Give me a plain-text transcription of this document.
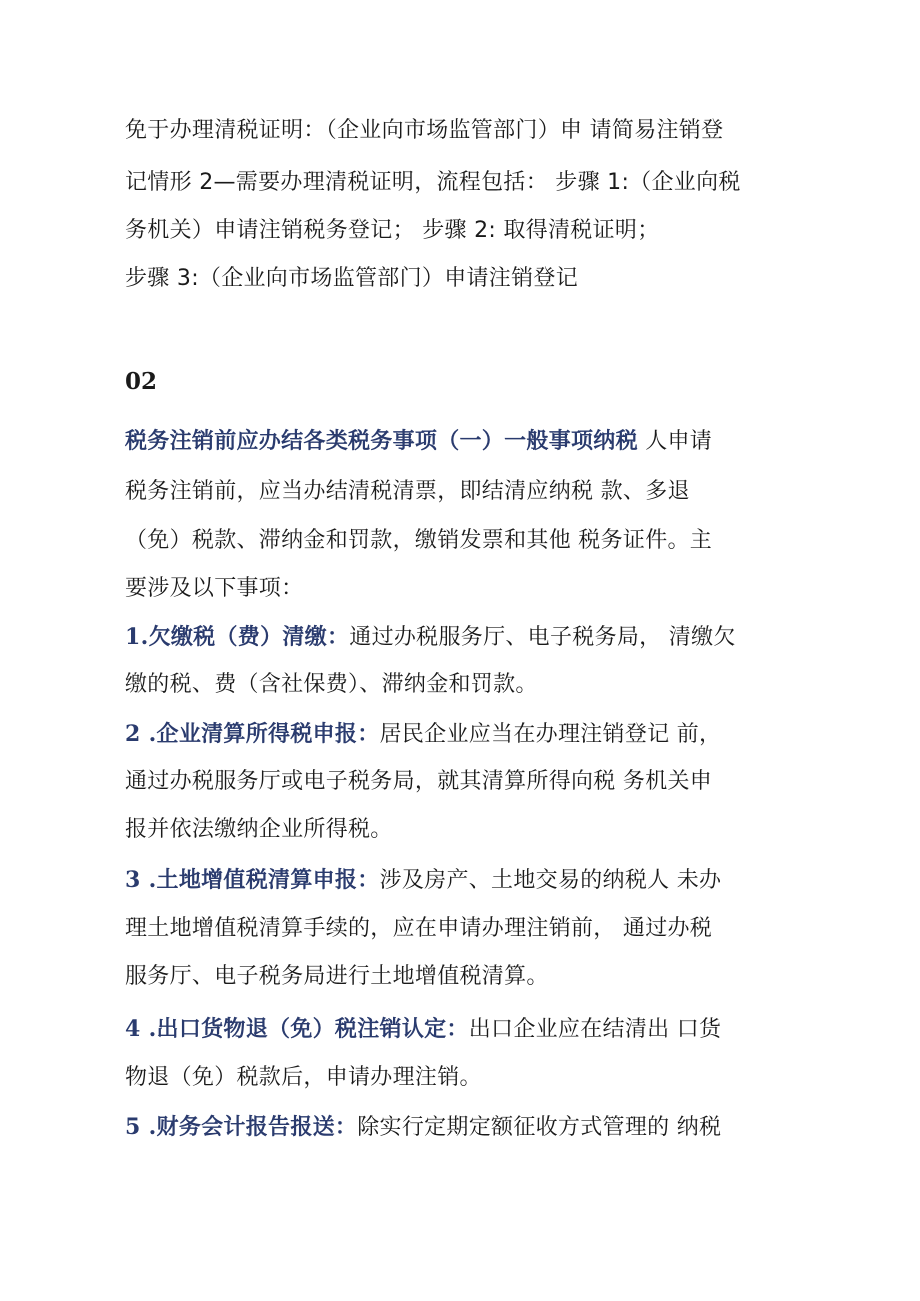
免于办理清税证明：（企业向市场监管部门）申 请简易注销登
记情形 2—需要办理清税证明，流程包括： 步骤 1:（企业向税
务机关）申请注销税务登记； 步骤 2: 取得清税证明；
步骤 3:（企业向市场监管部门）申请注销登记
02
税务注销前应办结各类税务事项（一）一般事项纳税 人申请
税务注销前，应当办结清税清票，即结清应纳税 款、多退
（免）税款、滞纳金和罚款，缴销发票和其他 税务证件。主
要涉及以下事项：
1.欠缴税（费）清缴：通过办税服务厅、电子税务局， 清缴欠
缴的税、费（含社保费）、滞纳金和罚款。
2 .企业清算所得税申报：居民企业应当在办理注销登记 前，
通过办税服务厅或电子税务局，就其清算所得向税 务机关申
报并依法缴纳企业所得税。
3 .土地增值税清算申报：涉及房产、土地交易的纳税人 未办
理土地增值税清算手续的，应在申请办理注销前， 通过办税
服务厅、电子税务局进行土地增值税清算。
4 .出口货物退（免）税注销认定：出口企业应在结清出 口货
物退（免）税款后，申请办理注销。
5 .财务会计报告报送：除实行定期定额征收方式管理的 纳税
